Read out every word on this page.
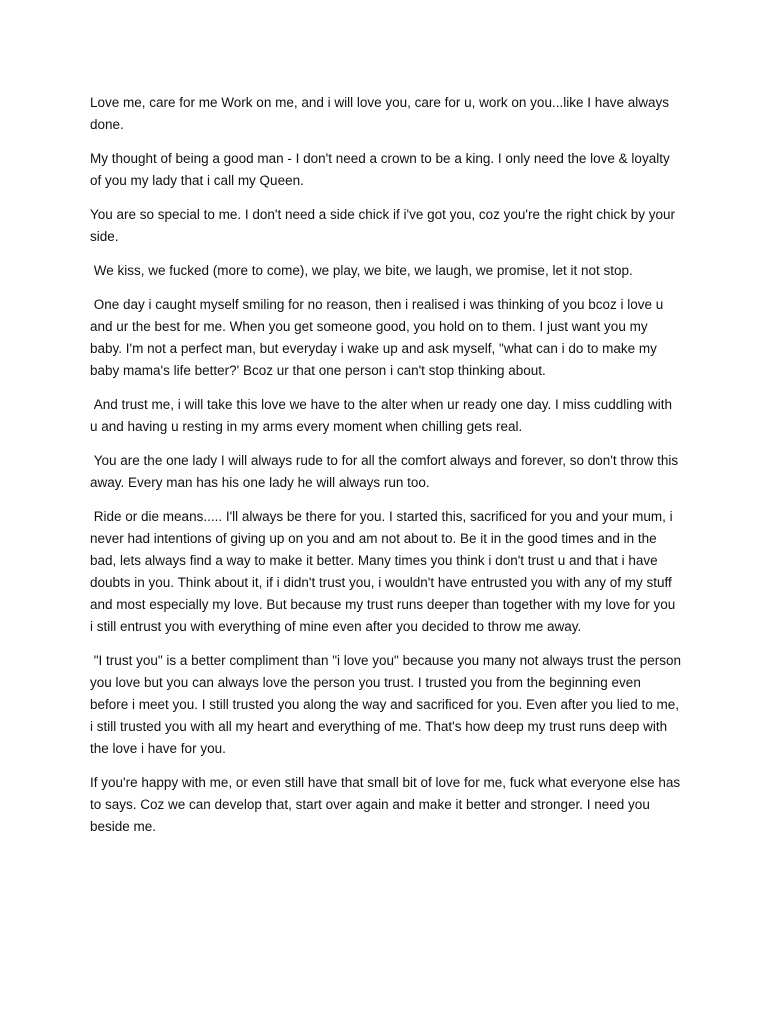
Love me, care for me Work on me, and i will love you, care for u, work on you...like I have always done.

My thought of being a good man - I don't need a crown to be a king. I only need the love & loyalty of you my lady that i call my Queen.

You are so special to me. I don't need a side chick if i've got you, coz you're the right chick by your side.

We kiss, we fucked (more to come), we play, we bite, we laugh, we promise, let it not stop.

One day i caught myself smiling for no reason, then i realised i was thinking of you bcoz i love u and ur the best for me. When you get someone good, you hold on to them. I just want you my baby. I'm not a perfect man, but everyday i wake up and ask myself, "what can i do to make my baby mama's life better?' Bcoz ur that one person i can't stop thinking about.

And trust me, i will take this love we have to the alter when ur ready one day. I miss cuddling with u and having u resting in my arms every moment when chilling gets real.

You are the one lady I will always rude to for all the comfort always and forever, so don't throw this away. Every man has his one lady he will always run too.

Ride or die means..... I'll always be there for you. I started this, sacrificed for you and your mum, i never had intentions of giving up on you and am not about to. Be it in the good times and in the bad, lets always find a way to make it better. Many times you think i don't trust u and that i have doubts in you. Think about it, if i didn't trust you, i wouldn't have entrusted you with any of my stuff and most especially my love. But because my trust runs deeper than together with my love for you i still entrust you with everything of mine even after you decided to throw me away.

"I trust you" is a better compliment than "i love you" because you many not always trust the person you love but you can always love the person you trust. I trusted you from the beginning even before i meet you. I still trusted you along the way and sacrificed for you. Even after you lied to me, i still trusted you with all my heart and everything of me. That's how deep my trust runs deep with the love i have for you.

If you're happy with me, or even still have that small bit of love for me, fuck what everyone else has to says. Coz we can develop that, start over again and make it better and stronger. I need you beside me.
